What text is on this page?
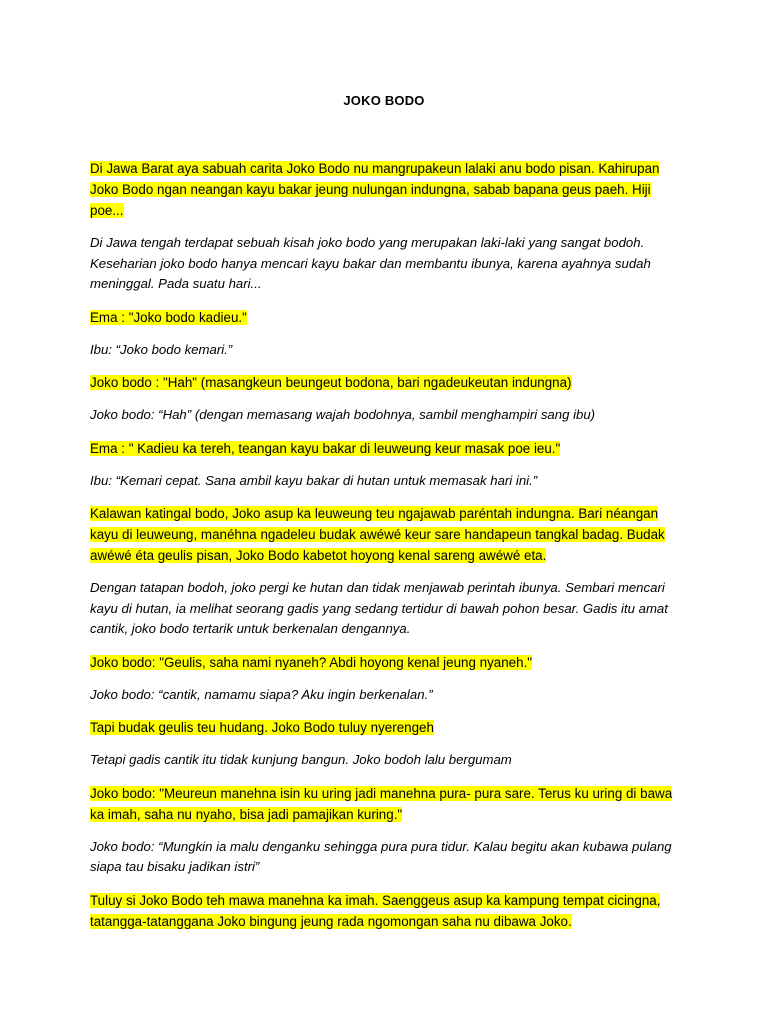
JOKO BODO

Di Jawa Barat aya sabuah carita Joko Bodo nu mangrupakeun lalaki anu bodo pisan. Kahirupan Joko Bodo ngan neangan kayu bakar jeung nulungan indungna, sabab bapana geus paeh. Hiji poe...

Di Jawa tengah terdapat sebuah kisah joko bodo yang merupakan laki-laki yang sangat bodoh. Keseharian joko bodo hanya mencari kayu bakar dan membantu ibunya, karena ayahnya sudah meninggal. Pada suatu hari...

Ema : "Joko bodo kadieu."

Ibu: “Joko bodo kemari.”

Joko bodo : "Hah" (masangkeun beungeut bodona, bari ngadeukeutan indungna)

Joko bodo: “Hah” (dengan memasang wajah bodohnya, sambil menghampiri sang ibu)

Ema : " Kadieu ka tereh, teangan kayu bakar di leuweung keur masak poe ieu."

Ibu: “Kemari cepat. Sana ambil kayu bakar di hutan untuk memasak hari ini.”

Kalawan katingal bodo, Joko asup ka leuweung teu ngajawab paréntah indungna. Bari néangan kayu di leuweung, manéhna ngadeleu budak awéwé keur sare handapeun tangkal badag. Budak awéwé éta geulis pisan, Joko Bodo kabetot hoyong kenal sareng awéwé eta.

Dengan tatapan bodoh, joko pergi ke hutan dan tidak menjawab perintah ibunya. Sembari mencari kayu di hutan, ia melihat seorang gadis yang sedang tertidur di bawah pohon besar. Gadis itu amat cantik, joko bodo tertarik untuk berkenalan dengannya.

Joko bodo: "Geulis, saha nami nyaneh? Abdi hoyong kenal jeung nyaneh."

Joko bodo: “cantik, namamu siapa? Aku ingin berkenalan.”

Tapi budak geulis teu hudang. Joko Bodo tuluy nyerengeh

Tetapi gadis cantik itu tidak kunjung bangun. Joko bodoh lalu bergumam

Joko bodo: "Meureun manehna isin ku uring jadi manehna pura- pura sare. Terus ku uring di bawa ka imah, saha nu nyaho, bisa jadi pamajikan kuring."

Joko bodo: “Mungkin ia malu denganku sehingga pura pura tidur. Kalau begitu akan kubawa pulang siapa tau bisaku jadikan istri”

Tuluy si Joko Bodo teh mawa manehna ka imah. Saenggeus asup ka kampung tempat cicingna, tatangga-tatanggana Joko bingung jeung rada ngomongan saha nu dibawa Joko.
